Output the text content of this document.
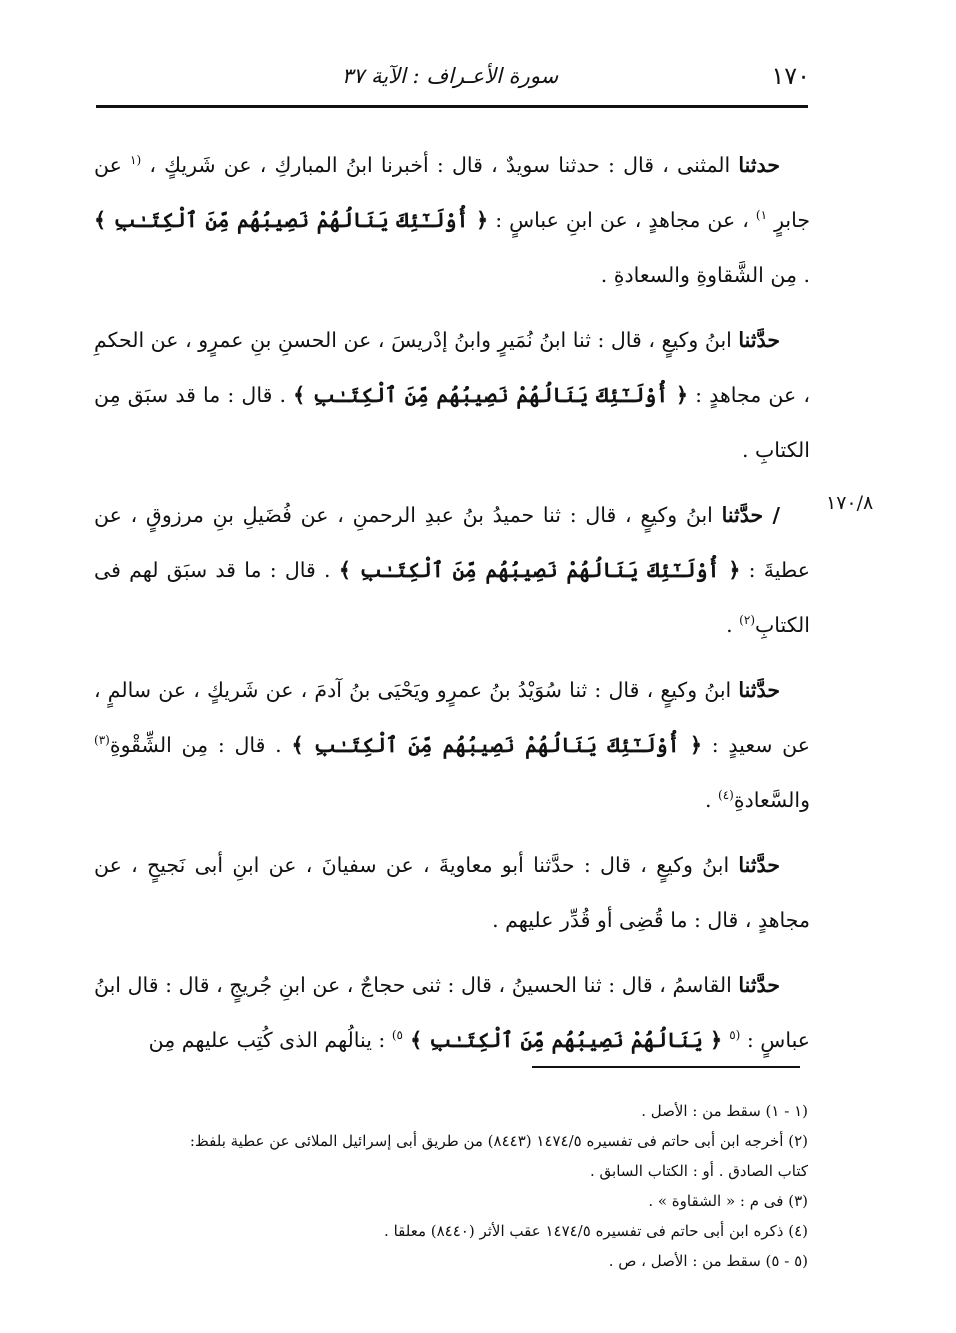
١٧٠
سورة الأعـراف : الآية ٣٧
١٧٠/٨

حدثنا المثنى ، قال : حدثنا سويدٌ ، قال : أخبرنا ابنُ المباركِ ، عن شَريكٍ ، $^{(١}$ عن جابرٍ $^{١)}$ ، عن مجاهدٍ ، عن ابنِ عباسٍ : ﴿ أُوْلَـٰٓئِكَ يَنَالُهُمْ نَصِيبُهُم مِّنَ ٱلْكِتَـٰبِ ﴾ . مِن الشَّقاوةِ والسعادةِ .

حدَّثنا ابنُ وكيعٍ ، قال : ثنا ابنُ نُمَيرٍ وابنُ إدْريسَ ، عن الحسنِ بنِ عمرٍو ، عن الحكمِ ، عن مجاهدٍ : ﴿ أُوْلَـٰٓئِكَ يَنَالُهُمْ نَصِيبُهُم مِّنَ ٱلْكِتَـٰبِ ﴾ . قال : ما قد سبَق مِن الكتابِ .

/ حدَّثنا ابنُ وكيعٍ ، قال : ثنا حميدُ بنُ عبدِ الرحمنِ ، عن فُضَيلِ بنِ مرزوقٍ ، عن عطيةَ : ﴿ أُوْلَـٰٓئِكَ يَنَالُهُمْ نَصِيبُهُم مِّنَ ٱلْكِتَـٰبِ ﴾ . قال : ما قد سبَق لهم فى الكتابِ$^{(٢)}$ .

حدَّثنا ابنُ وكيعٍ ، قال : ثنا سُوَيْدُ بنُ عمرٍو ويَحْيَى بنُ آدمَ ، عن شَريكٍ ، عن سالمٍ ، عن سعيدٍ : ﴿ أُوْلَـٰٓئِكَ يَنَالُهُمْ نَصِيبُهُم مِّنَ ٱلْكِتَـٰبِ ﴾ . قال : مِن الشِّقْوةِ$^{(٣)}$ والسَّعادةِ$^{(٤)}$ .

حدَّثنا ابنُ وكيعٍ ، قال : حدَّثنا أبو معاويةَ ، عن سفيانَ ، عن ابنِ أبى نَجيحٍ ، عن مجاهدٍ ، قال : ما قُضِى أو قُدِّر عليهم .

حدَّثنا القاسمُ ، قال : ثنا الحسينُ ، قال : ثنى حجاجٌ ، عن ابنِ جُريجٍ ، قال : قال ابنُ عباسٍ : $^{(٥}$ ﴿ يَنَالُهُمْ نَصِيبُهُم مِّنَ ٱلْكِتَـٰبِ ﴾ $^{٥)}$ : ينالُهم الذى كُتِب عليهم مِن

(١ - ١) سقط من : الأصل .

(٢) أخرجه ابن أبى حاتم فى تفسيره ١٤٧٤/٥ (٨٤٤٣) من طريق أبى إسرائيل الملائى عن عطية بلفظ:

كتاب الصادق . أو : الكتاب السابق .

(٣) فى م : « الشقاوة » .

(٤) ذكره ابن أبى حاتم فى تفسيره ١٤٧٤/٥ عقب الأثر (٨٤٤٠) معلقا .

(٥ - ٥) سقط من : الأصل ، ص .
